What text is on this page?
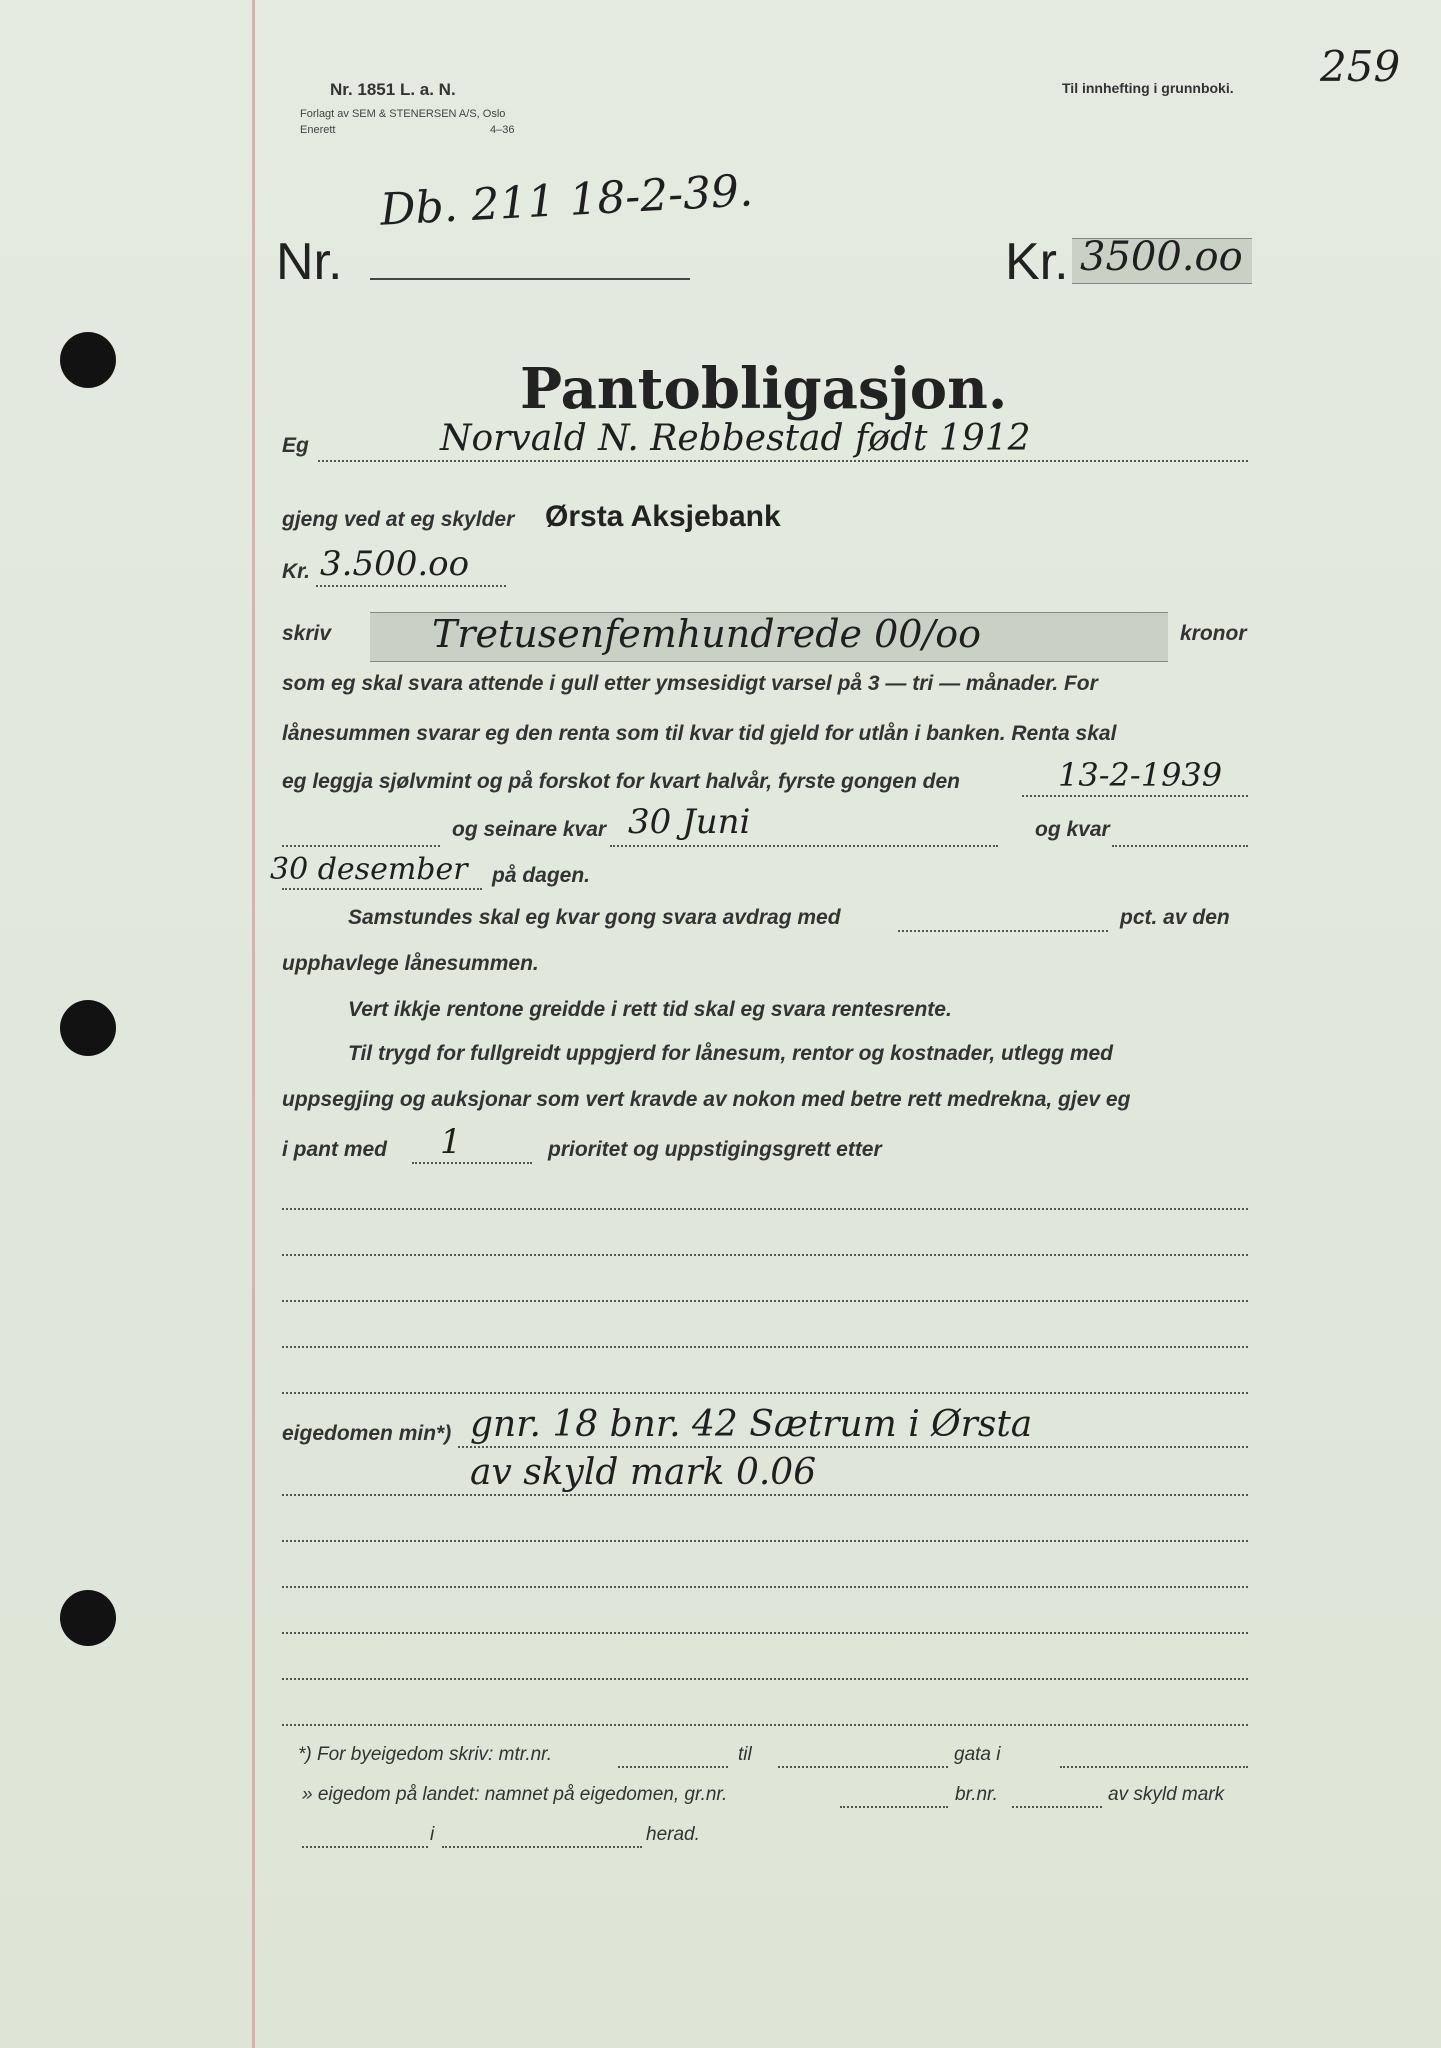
Nr. 1851 L. a. N.
Forlagt av SEM & STENERSEN A/S, Oslo
Enerett	4–36
Til innhefting i grunnboki. 259
Nr.
Db. 211 18-2-39.
Kr. 3500.oo
Pantobligasjon.
Eg	Norvald N. Rebbestad født 1912
gjeng ved at eg skylder Ørsta Aksjebank
Kr. 3.500.oo
skriv	Tretusenfemhundrede 00/oo	kronor
som eg skal svara attende i gull etter ymsesidigt varsel på 3 — tri — månader. For
lånesummen svarar eg den renta som til kvar tid gjeld for utlån i banken. Renta skal
eg leggja sjølvmint og på forskot for kvart halvår, fyrste gongen den	13-2-1939
og seinare kvar 30 Juni	og kvar
30 desember på dagen.
Samstundes skal eg kvar gong svara avdrag med	pct. av den
upphavlege lånesummen.
Vert ikkje rentone greidde i rett tid skal eg svara rentesrente.
Til trygd for fullgreidt uppgjerd for lånesum, rentor og kostnader, utlegg med
uppsegjing og auksjonar som vert kravde av nokon med betre rett medrekna, gjev eg
i pant med 1	prioritet og uppstigingsgrett etter
eigedomen min*) gnr. 18 bnr. 42 Sætrum i Ørsta
av skyld mark 0.06
*) For byeigedom skriv: mtr.nr.	til	gata i
» eigedom på landet: namnet på eigedomen, gr.nr.	br.nr.	av skyld mark
i	herad.
